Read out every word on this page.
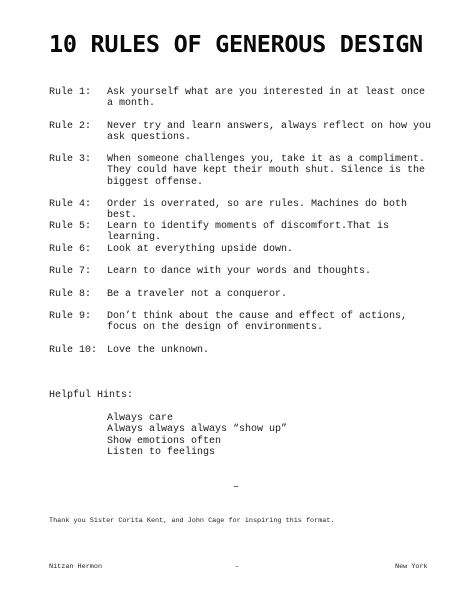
10 RULES OF GENEROUS DESIGN
Rule 1: Ask yourself what are you interested in at least once a month.
Rule 2: Never try and learn answers, always reflect on how you ask questions.
Rule 3: When someone challenges you, take it as a compliment. They could have kept their mouth shut. Silence is the biggest offense.
Rule 4: Order is overrated, so are rules. Machines do both best.
Rule 5: Learn to identify moments of discomfort.That is learning.
Rule 6: Look at everything upside down.
Rule 7: Learn to dance with your words and thoughts.
Rule 8: Be a traveler not a conqueror.
Rule 9: Don’t think about the cause and effect of actions, focus on the design of environments.
Rule 10: Love the unknown.
Helpful Hints:
Always care
Always always always “show up”
Show emotions often
Listen to feelings
–
Thank you Sister Corita Kent, and John Cage for inspiring this format.
Nitzan Hermon	–	New York
